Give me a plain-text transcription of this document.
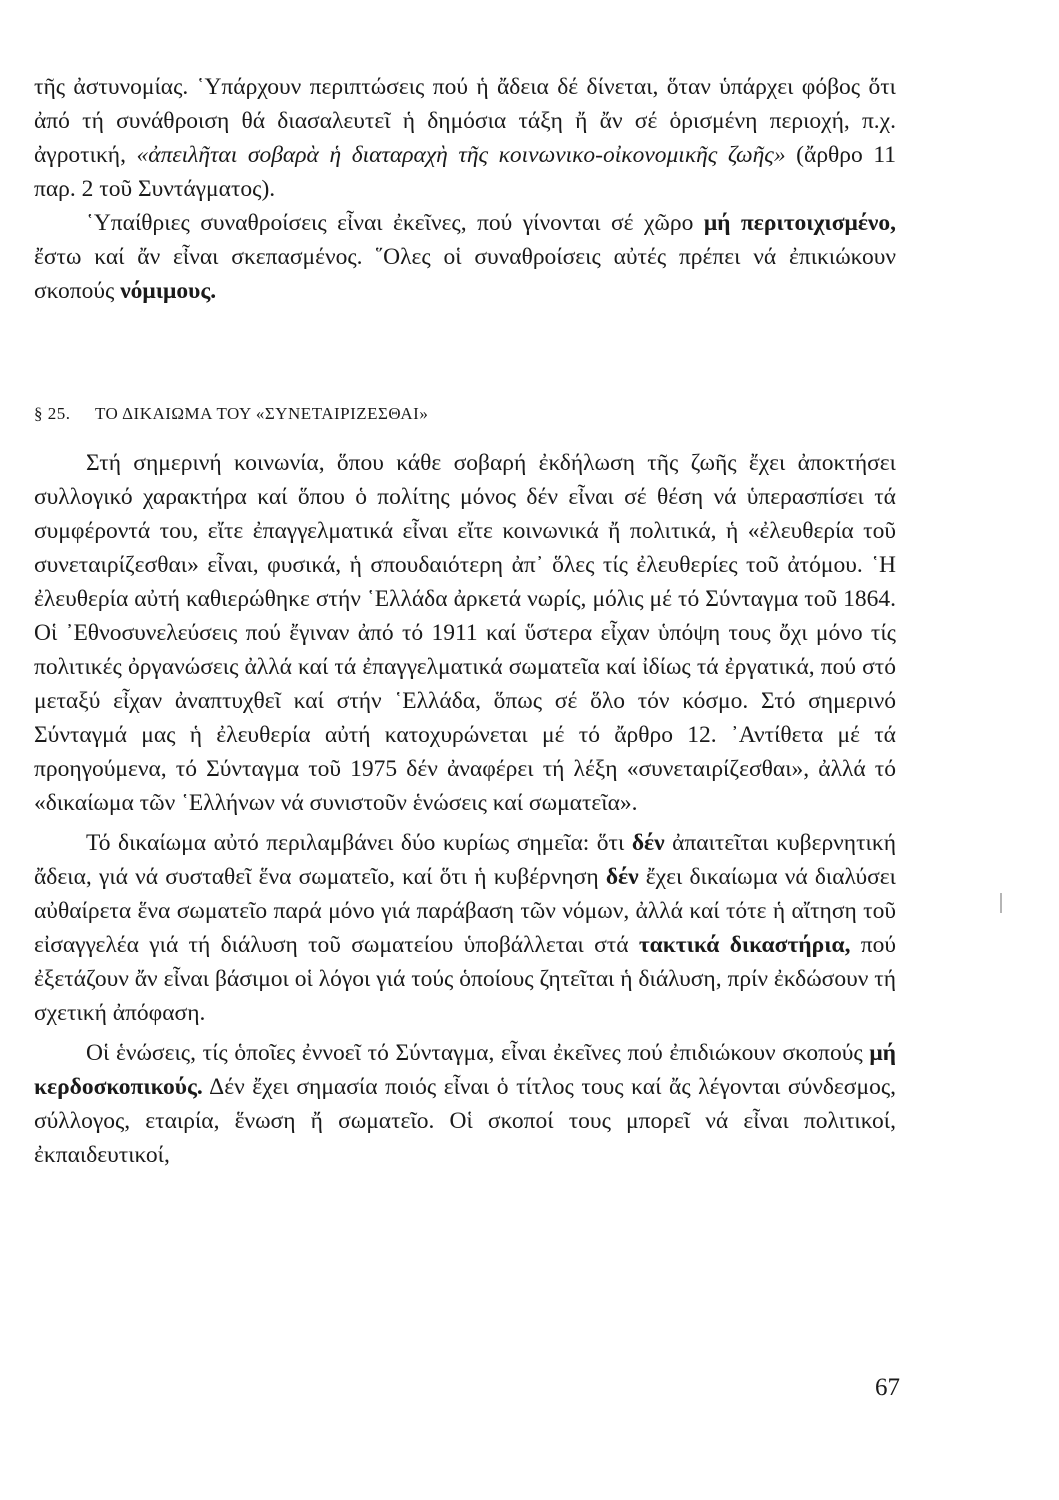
τῆς ἀστυνομίας. ῾Υπάρχουν περιπτώσεις πού ἡ ἄδεια δέ δίνεται, ὅταν ὑπάρχει φόβος ὅτι ἀπό τή συνάθροιση θά διασαλευτεῖ ἡ δημόσια τάξη ἤ ἄν σέ ὁρισμένη περιοχή, π.χ. ἀγροτική, «ἀπειλῆται σοβαρὰ ἡ διαταραχὴ τῆς κοινωνικο-οἰκονομικῆς ζωῆς» (ἄρθρο 11 παρ. 2 τοῦ Συντάγματος).

῾Υπαίθριες συναθροίσεις εἶναι ἐκεῖνες, πού γίνονται σέ χῶρο μή περιτοιχισμένο, ἔστω καί ἄν εἶναι σκεπασμένος. ῞Ολες οἱ συναθροίσεις αὐτές πρέπει νά ἐπικιώκουν σκοπούς νόμιμους.

§ 25. ΤΟ ΔΙΚΑΙΩΜΑ ΤΟΥ «ΣΥΝΕΤΑΙΡΙΖΕΣΘΑΙ»

Στή σημερινή κοινωνία, ὅπου κάθε σοβαρή ἐκδήλωση τῆς ζωῆς ἔχει ἀποκτήσει συλλογικό χαρακτήρα καί ὅπου ὁ πολίτης μόνος δέν εἶναι σέ θέση νά ὑπερασπίσει τά συμφέροντά του, εἴτε ἐπαγγελματικά εἶναι εἴτε κοινωνικά ἤ πολιτικά, ἡ «ἐλευθερία τοῦ συνεταιρίζεσθαι» εἶναι, φυσικά, ἡ σπουδαιότερη ἀπ᾽ ὅλες τίς ἐλευθερίες τοῦ ἀτόμου. ῾Η ἐλευθερία αὐτή καθιερώθηκε στήν ῾Ελλάδα ἀρκετά νωρίς, μόλις μέ τό Σύνταγμα τοῦ 1864. Οἱ ᾽Εθνοσυνελεύσεις πού ἔγιναν ἀπό τό 1911 καί ὕστερα εἶχαν ὑπόψη τους ὄχι μόνο τίς πολιτικές ὀργανώσεις ἀλλά καί τά ἐπαγγελματικά σωματεῖα καί ἰδίως τά ἐργατικά, πού στό μεταξύ εἶχαν ἀναπτυχθεῖ καί στήν ῾Ελλάδα, ὅπως σέ ὅλο τόν κόσμο. Στό σημερινό Σύνταγμά μας ἡ ἐλευθερία αὐτή κατοχυρώνεται μέ τό ἄρθρο 12. ᾽Αντίθετα μέ τά προηγούμενα, τό Σύνταγμα τοῦ 1975 δέν ἀναφέρει τή λέξη «συνεταιρίζεσθαι», ἀλλά τό «δικαίωμα τῶν ῾Ελλήνων νά συνιστοῦν ἑνώσεις καί σωματεῖα».

Τό δικαίωμα αὐτό περιλαμβάνει δύο κυρίως σημεῖα: ὅτι δέν ἀπαιτεῖται κυβερνητική ἄδεια, γιά νά συσταθεῖ ἕνα σωματεῖο, καί ὅτι ἡ κυβέρνηση δέν ἔχει δικαίωμα νά διαλύσει αὐθαίρετα ἕνα σωματεῖο παρά μόνο γιά παράβαση τῶν νόμων, ἀλλά καί τότε ἡ αἴτηση τοῦ εἰσαγγελέα γιά τή διάλυση τοῦ σωματείου ὑποβάλλεται στά τακτικά δικαστήρια, πού ἐξετάζουν ἄν εἶναι βάσιμοι οἱ λόγοι γιά τούς ὁποίους ζητεῖται ἡ διάλυση, πρίν ἐκδώσουν τή σχετική ἀπόφαση.

Οἱ ἑνώσεις, τίς ὁποῖες ἐννοεῖ τό Σύνταγμα, εἶναι ἐκεῖνες πού ἐπιδιώκουν σκοπούς μή κερδοσκοπικούς. Δέν ἔχει σημασία ποιός εἶναι ὁ τίτλος τους καί ἄς λέγονται σύνδεσμος, σύλλογος, εταιρία, ἕνωση ἤ σωματεῖο. Οἱ σκοποί τους μπορεῖ νά εἶναι πολιτικοί, ἐκπαιδευτικοί,

67
